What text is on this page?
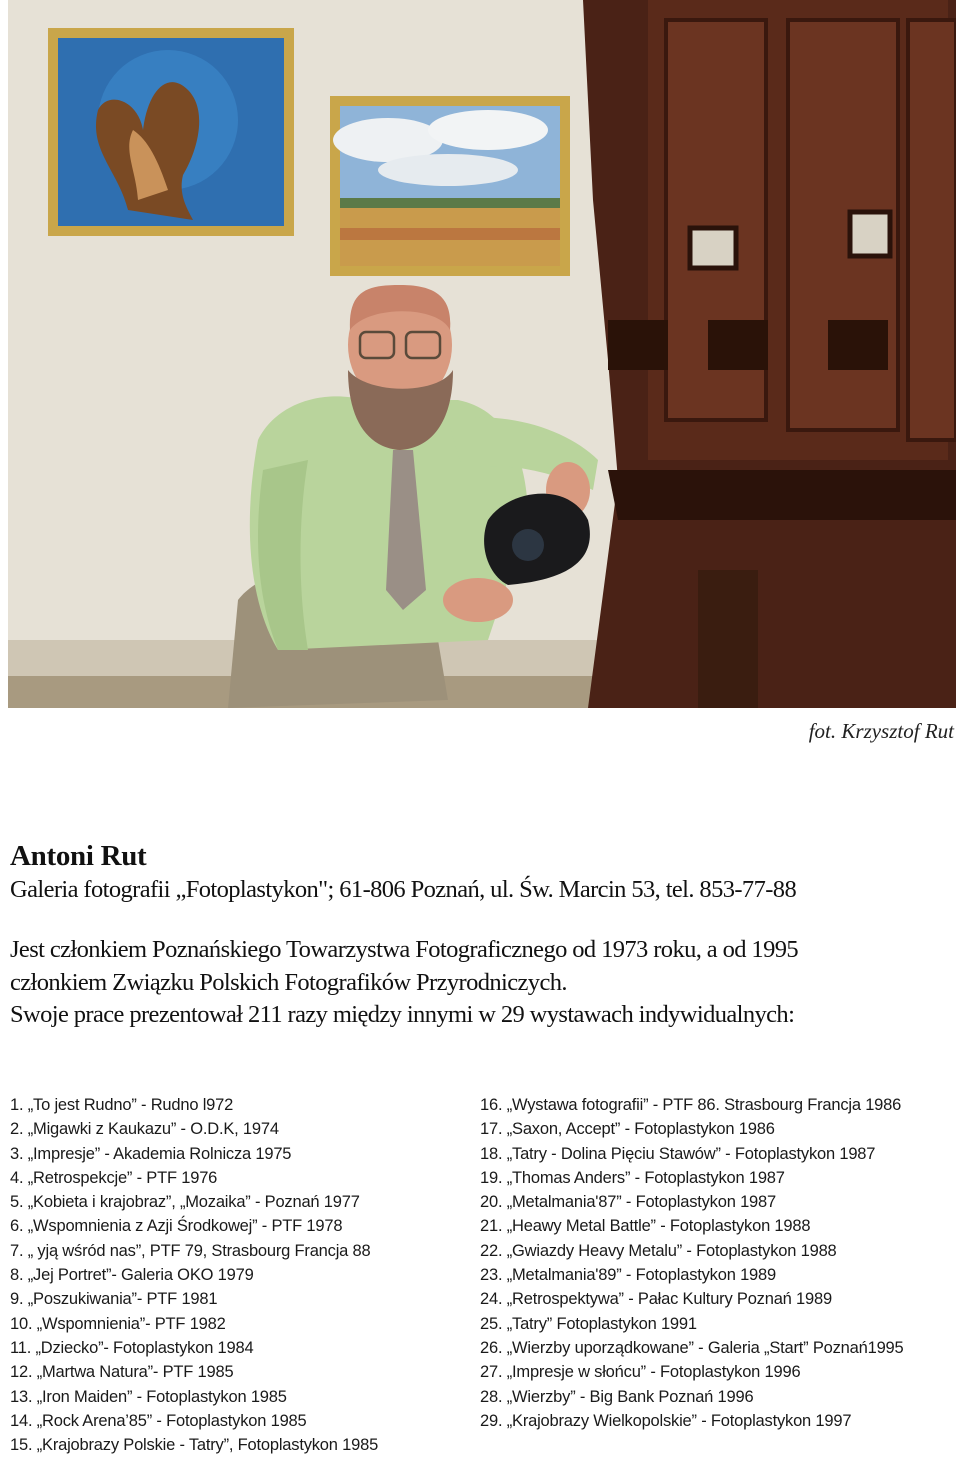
fot. Krzysztof Rut
Antoni Rut
Galeria fotografii „Fotoplastykon"; 61-806 Poznań, ul. Św. Marcin 53, tel. 853-77-88
Jest członkiem Poznańskiego Towarzystwa Fotograficznego od 1973 roku, a od 1995
członkiem Związku Polskich Fotografików Przyrodniczych.
Swoje prace prezentował 211 razy między innymi w 29 wystawach indywidualnych:
1. „To jest Rudno” - Rudno l972
2. „Migawki z Kaukazu” - O.D.K, 1974
3. „Impresje” - Akademia Rolnicza 1975
4. „Retrospekcje” - PTF 1976
5. „Kobieta i krajobraz”, „Mozaika” - Poznań 1977
6. „Wspomnienia z Azji Środkowej” - PTF 1978
7. „ yją wśród nas”, PTF 79, Strasbourg Francja 88
8. „Jej Portret”- Galeria OKO 1979
9. „Poszukiwania”- PTF 1981
10. „Wspomnienia”- PTF 1982
11. „Dziecko”- Fotoplastykon 1984
12. „Martwa Natura”- PTF 1985
13. „Iron Maiden” - Fotoplastykon 1985
14. „Rock Arena’85” - Fotoplastykon 1985
15. „Krajobrazy Polskie - Tatry”, Fotoplastykon 1985
16. „Wystawa fotografii” - PTF 86. Strasbourg Francja 1986
17. „Saxon, Accept” - Fotoplastykon 1986
18. „Tatry - Dolina Pięciu Stawów” - Fotoplastykon 1987
19. „Thomas Anders” - Fotoplastykon 1987
20. „Metalmania'87” - Fotoplastykon 1987
21. „Heawy Metal Battle” - Fotoplastykon 1988
22. „Gwiazdy Heavy Metalu” - Fotoplastykon 1988
23. „Metalmania'89” - Fotoplastykon 1989
24. „Retrospektywa” - Pałac Kultury Poznań 1989
25. „Tatry” Fotoplastykon 1991
26. „Wierzby uporządkowane” - Galeria „Start” Poznań1995
27. „Impresje w słońcu” - Fotoplastykon 1996
28. „Wierzby” - Big Bank Poznań 1996
29. „Krajobrazy Wielkopolskie” - Fotoplastykon 1997
